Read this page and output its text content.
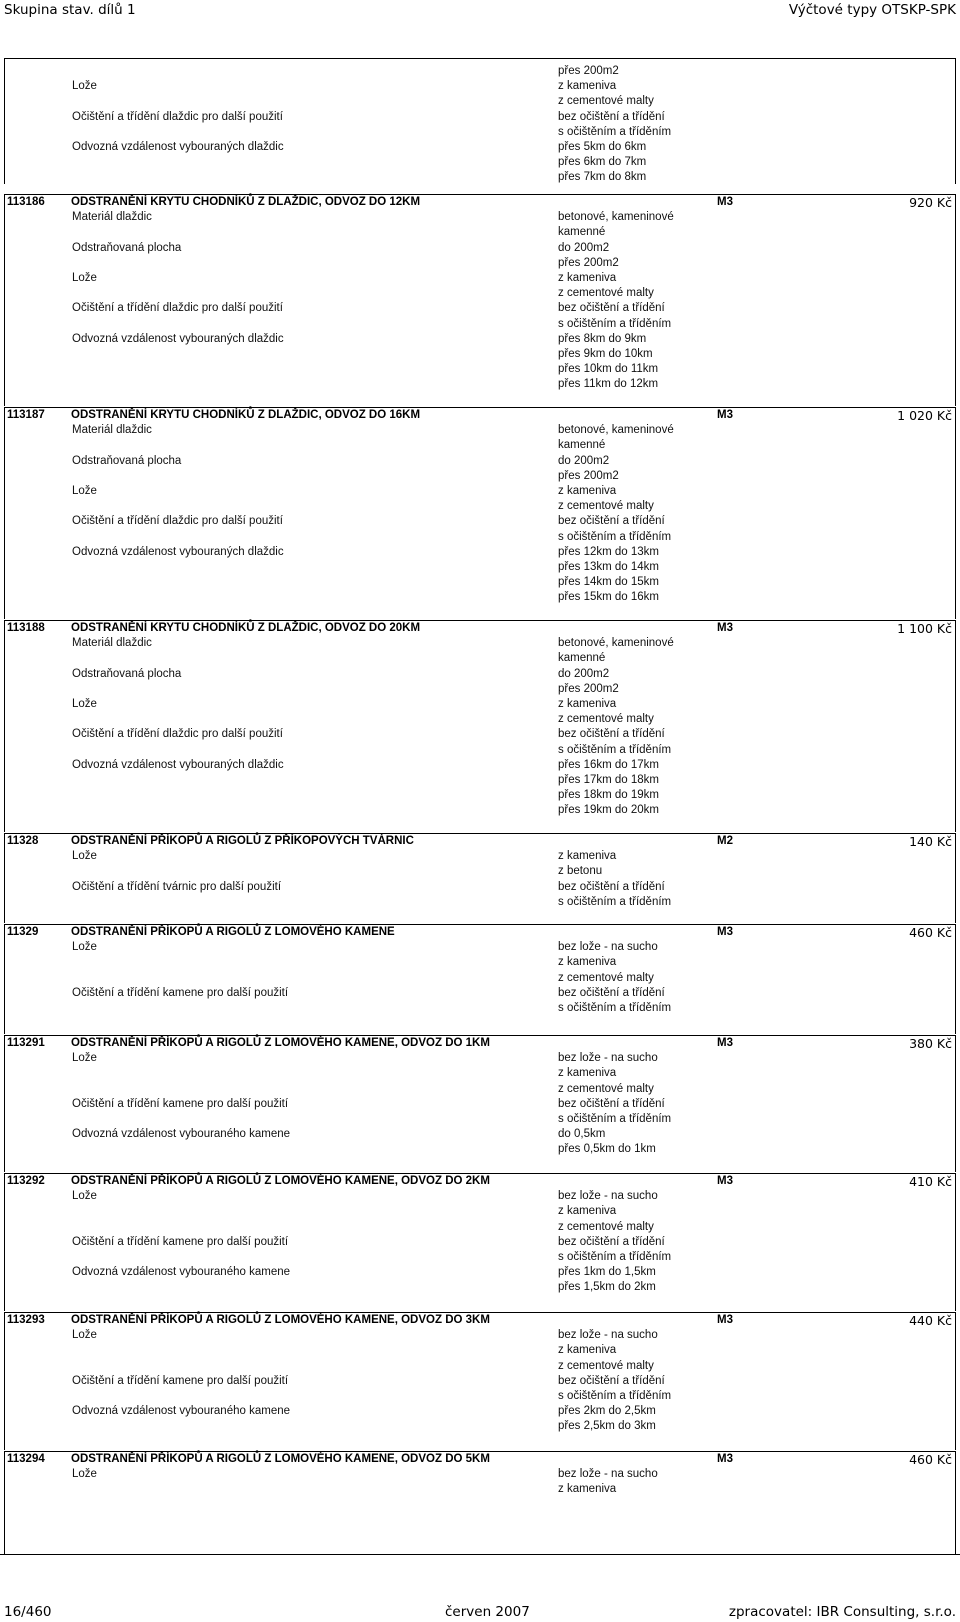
Skupina stav. dílů 1	Výčtové typy OTSKP-SPK
přes 200m2
Lože	z kameniva
z cementové malty
Očištění a třídění dlaždic pro další použití	bez očištění a třídění
s očištěním a tříděním
Odvozná vzdálenost vybouraných dlaždic	přes 5km do 6km
přes 6km do 7km
přes 7km do 8km
113186 ODSTRANĚNÍ KRYTU CHODNÍKŮ Z DLAŽDIC, ODVOZ DO 12KM	M3	920 Kč
Materiál dlaždic	betonové, kameninové
kamenné
Odstraňovaná plocha	do 200m2
přes 200m2
Lože	z kameniva
z cementové malty
Očištění a třídění dlaždic pro další použití	bez očištění a třídění
s očištěním a tříděním
Odvozná vzdálenost vybouraných dlaždic	přes 8km do 9km
přes 9km do 10km
přes 10km do 11km
přes 11km do 12km
113187 ODSTRANĚNÍ KRYTU CHODNÍKŮ Z DLAŽDIC, ODVOZ DO 16KM	M3	1 020 Kč
Materiál dlaždic	betonové, kameninové
kamenné
Odstraňovaná plocha	do 200m2
přes 200m2
Lože	z kameniva
z cementové malty
Očištění a třídění dlaždic pro další použití	bez očištění a třídění
s očištěním a tříděním
Odvozná vzdálenost vybouraných dlaždic	přes 12km do 13km
přes 13km do 14km
přes 14km do 15km
přes 15km do 16km
113188 ODSTRANĚNÍ KRYTU CHODNÍKŮ Z DLAŽDIC, ODVOZ DO 20KM	M3	1 100 Kč
Materiál dlaždic	betonové, kameninové
kamenné
Odstraňovaná plocha	do 200m2
přes 200m2
Lože	z kameniva
z cementové malty
Očištění a třídění dlaždic pro další použití	bez očištění a třídění
s očištěním a tříděním
Odvozná vzdálenost vybouraných dlaždic	přes 16km do 17km
přes 17km do 18km
přes 18km do 19km
přes 19km do 20km
11328	ODSTRANĚNÍ PŘÍKOPŮ A RIGOLŮ Z PŘÍKOPOVÝCH TVÁRNIC	M2	140 Kč
Lože	z kameniva
z betonu
Očištění a třídění tvárnic pro další použití	bez očištění a třídění
s očištěním a tříděním
11329	ODSTRANĚNÍ PŘÍKOPŮ A RIGOLŮ Z LOMOVÉHO KAMENE	M3	460 Kč
Lože	bez lože - na sucho
z kameniva
z cementové malty
Očištění a třídění kamene pro další použití	bez očištění a třídění
s očištěním a tříděním
113291 ODSTRANĚNÍ PŘÍKOPŮ A RIGOLŮ Z LOMOVÉHO KAMENE, ODVOZ DO 1KM	M3	380 Kč
Lože	bez lože - na sucho
z kameniva
z cementové malty
Očištění a třídění kamene pro další použití	bez očištění a třídění
s očištěním a tříděním
Odvozná vzdálenost vybouraného kamene	do 0,5km
přes 0,5km do 1km
113292 ODSTRANĚNÍ PŘÍKOPŮ A RIGOLŮ Z LOMOVÉHO KAMENE, ODVOZ DO 2KM	M3	410 Kč
Lože	bez lože - na sucho
z kameniva
z cementové malty
Očištění a třídění kamene pro další použití	bez očištění a třídění
s očištěním a tříděním
Odvozná vzdálenost vybouraného kamene	přes 1km do 1,5km
přes 1,5km do 2km
113293 ODSTRANĚNÍ PŘÍKOPŮ A RIGOLŮ Z LOMOVÉHO KAMENE, ODVOZ DO 3KM	M3	440 Kč
Lože	bez lože - na sucho
z kameniva
z cementové malty
Očištění a třídění kamene pro další použití	bez očištění a třídění
s očištěním a tříděním
Odvozná vzdálenost vybouraného kamene	přes 2km do 2,5km
přes 2,5km do 3km
113294 ODSTRANĚNÍ PŘÍKOPŮ A RIGOLŮ Z LOMOVÉHO KAMENE, ODVOZ DO 5KM	M3	460 Kč
Lože	bez lože - na sucho
z kameniva
16/460	červen 2007	zpracovatel: IBR Consulting, s.r.o.
